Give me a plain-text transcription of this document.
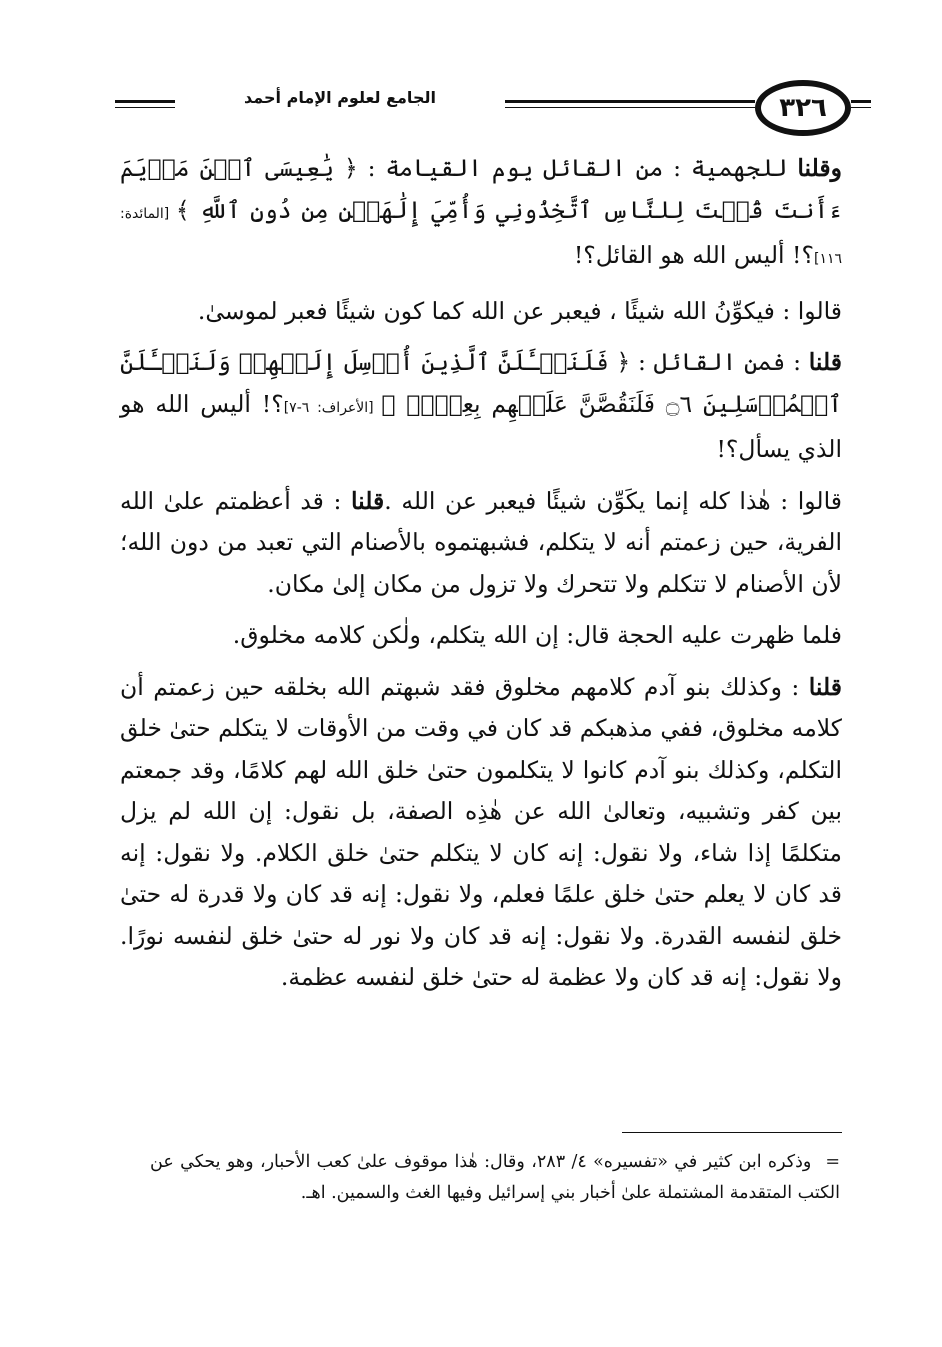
٣٢٦
الجامع لعلوم الإمام أحمد

وقلنا للجهمية : من القائل يوم القيامة : ﴿ يَٰعِيسَى ٱبۡنَ مَرۡيَمَ ءَأَنتَ قُلۡتَ لِلنَّاسِ ٱتَّخِذُونِي وَأُمِّيَ إِلَٰهَيۡنِ مِن دُونِ ٱللَّهِ ﴾ [المائدة: ١١٦]؟! أليس الله هو القائل؟!

قالوا : فيكوِّنُ الله شيئًا ، فيعبر عن الله كما كون شيئًا فعبر لموسىٰ.

قلنا : فمن القائل : ﴿ فَلَنَسۡـَٔلَنَّ ٱلَّذِينَ أُرۡسِلَ إِلَيۡهِمۡ وَلَنَسۡـَٔلَنَّ ٱلۡمُرۡسَلِينَ ۝٦ فَلَنَقُصَّنَّ عَلَيۡهِم بِعِلۡمٖ ﴾ [الأعراف: ٦-٧]؟! أليس الله هو الذي يسأل؟!

قالوا : هٰذا كله إنما يكَوِّن شيئًا فيعبر عن الله .قلنا : قد أعظمتم علىٰ الله الفرية، حين زعمتم أنه لا يتكلم، فشبهتموه بالأصنام التي تعبد من دون الله؛ لأن الأصنام لا تتكلم ولا تتحرك ولا تزول من مكان إلىٰ مكان.

فلما ظهرت عليه الحجة قال: إن الله يتكلم، ولٰكن كلامه مخلوق.

قلنا : وكذلك بنو آدم كلامهم مخلوق فقد شبهتم الله بخلقه حين زعمتم أن كلامه مخلوق، ففي مذهبكم قد كان في وقت من الأوقات لا يتكلم حتىٰ خلق التكلم، وكذلك بنو آدم كانوا لا يتكلمون حتىٰ خلق الله لهم كلامًا، وقد جمعتم بين كفر وتشبيه، وتعالىٰ الله عن هٰذِه الصفة، بل نقول: إن الله لم يزل متكلمًا إذا شاء، ولا نقول: إنه كان لا يتكلم حتىٰ خلق الكلام. ولا نقول: إنه قد كان لا يعلم حتىٰ خلق علمًا فعلم، ولا نقول: إنه قد كان ولا قدرة له حتىٰ خلق لنفسه القدرة. ولا نقول: إنه قد كان ولا نور له حتىٰ خلق لنفسه نورًا. ولا نقول: إنه قد كان ولا عظمة له حتىٰ خلق لنفسه عظمة.

=وذكره ابن كثير في «تفسيره» ٤/ ٢٨٣، وقال: هٰذا موقوف علىٰ كعب الأحبار، وهو يحكي عن الكتب المتقدمة المشتملة علىٰ أخبار بني إسرائيل وفيها الغث والسمين. اهـ.
